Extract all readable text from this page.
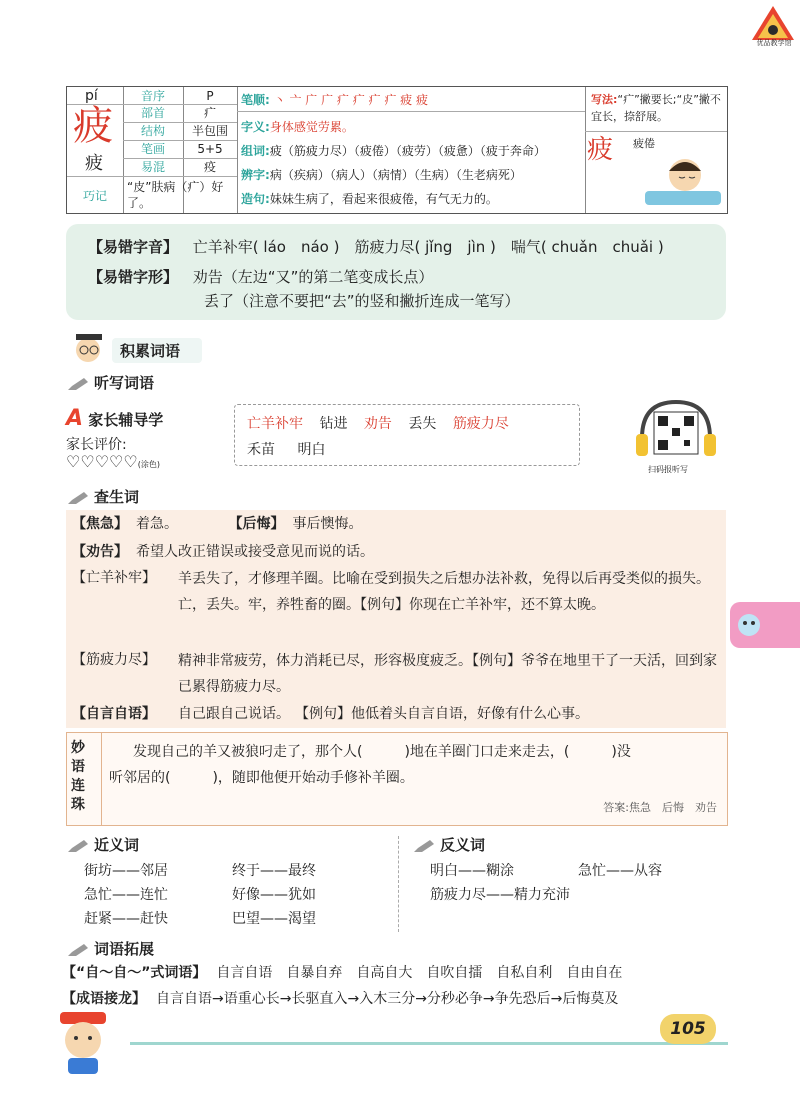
优品教学馆
pí
疲
疲
音序	P
部首	疒
结构	半包围
笔画	5+5
易混	疫
巧记
“皮”肤病（疒）好了。
笔顺: 丶 亠 广 广 疒 疒 疒 疒 疲 疲
字义:身体感觉劳累。
组词:疲（筋疲力尽）（疲倦）（疲劳）（疲惫）（疲于奔命）
辨字:病（疾病）（病人）（病情）（生病）（生老病死）
造句:妹妹生病了，看起来很疲倦，有气无力的。
写法:“疒”撇要长;“皮”撇不宜长，捺舒展。
疲 疲倦
【易错字音】 亡羊补牢( láo　náo )　筋疲力尽( jǐng　jìn )　喘气( chuǎn　chuǎi )
【易错字形】 劝告（左边“又”的第二笔变成长点）
丢了（注意不要把“去”的竖和撇折连成一笔写）
积累词语
听写词语
A 家长辅导学
家长评价:
♡♡♡♡♡(涂色)
亡羊补牢 钻进 劝告 丢失 筋疲力尽
禾苗 明白
扫码报听写
查生词
【焦急】 着急。	【后悔】 事后懊悔。
【劝告】 希望人改正错误或接受意见而说的话。
【亡羊补牢】 羊丢失了，才修理羊圈。比喻在受到损失之后想办法补救，免得以后再受类似的损失。亡，丢失。牢，养牲畜的圈。【例句】你现在亡羊补牢，还不算太晚。
【筋疲力尽】 精神非常疲劳，体力消耗已尽，形容极度疲乏。【例句】爷爷在地里干了一天活，回到家已累得筋疲力尽。
【自言自语】 自己跟自己说话。 【例句】他低着头自言自语，好像有什么心事。
妙语连珠
发现自己的羊又被狼叼走了，那个人(　　　)地在羊圈门口走来走去，(　　　)没
听邻居的(　　　)，随即他便开始动手修补羊圈。
答案:焦急　后悔　劝告
近义词	反义词
街坊——邻居	终于——最终
急忙——连忙	好像——犹如
赶紧——赶快	巴望——渴望
明白——糊涂	急忙——从容
筋疲力尽——精力充沛
词语拓展
【“自～自～”式词语】 自言自语　自暴自弃　自高自大　自吹自擂　自私自利　自由自在
【成语接龙】 自言自语→语重心长→长驱直入→入木三分→分秒必争→争先恐后→后悔莫及
105
